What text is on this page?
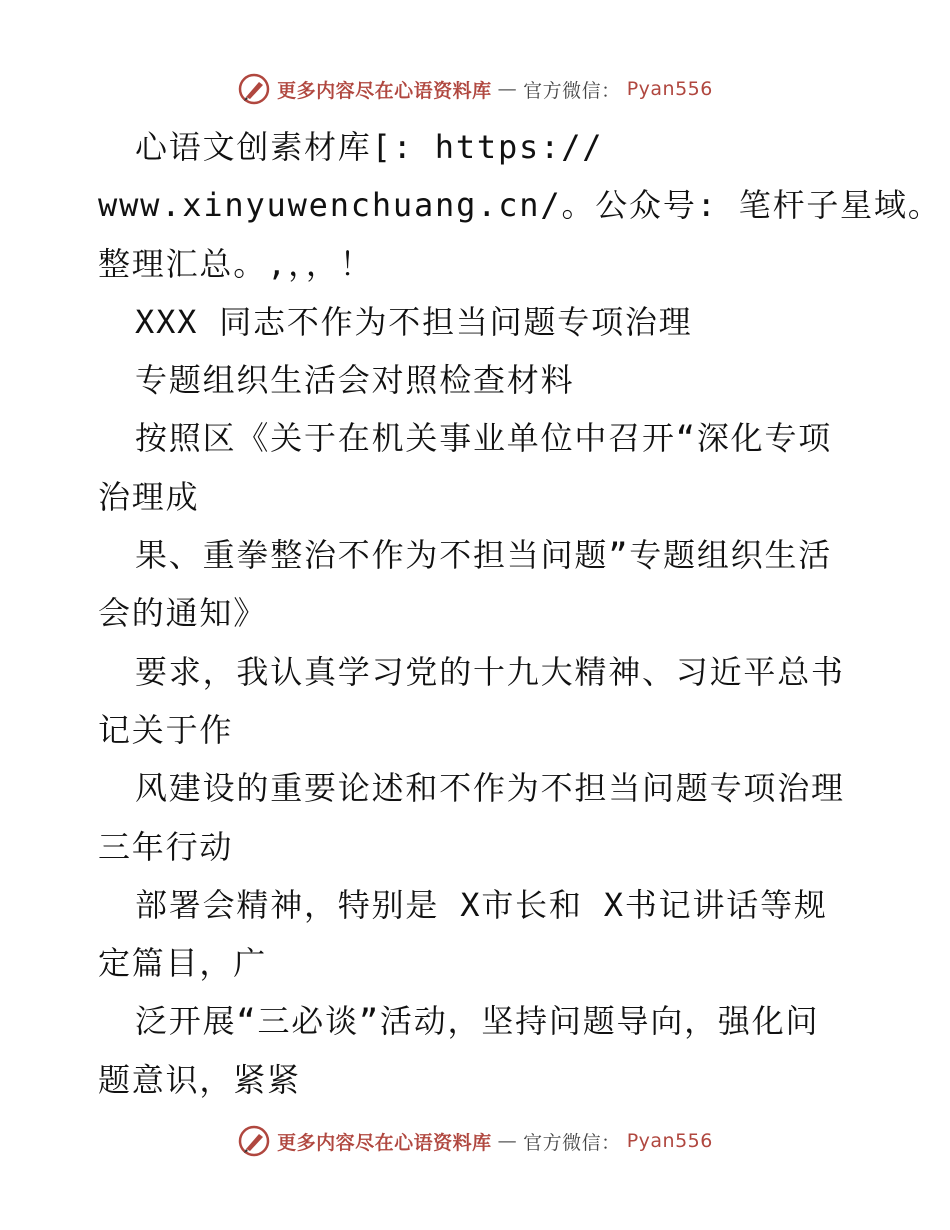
更多内容尽在心语资料库 — 官方微信： Pyan556
心语文创素材库[: https://
www.xinyuwenchuang.cn/。公众号: 笔杆子星域。
整理汇总。,，，！
XXX 同志不作为不担当问题专项治理
专题组织生活会对照检查材料
按照区《关于在机关事业单位中召开“深化专项
治理成
果、重拳整治不作为不担当问题”专题组织生活
会的通知》
要求，我认真学习党的十九大精神、习近平总书
记关于作
风建设的重要论述和不作为不担当问题专项治理
三年行动
部署会精神，特别是 X市长和 X书记讲话等规
定篇目，广
泛开展“三必谈”活动，坚持问题导向，强化问
题意识，紧紧
更多内容尽在心语资料库 — 官方微信： Pyan556
